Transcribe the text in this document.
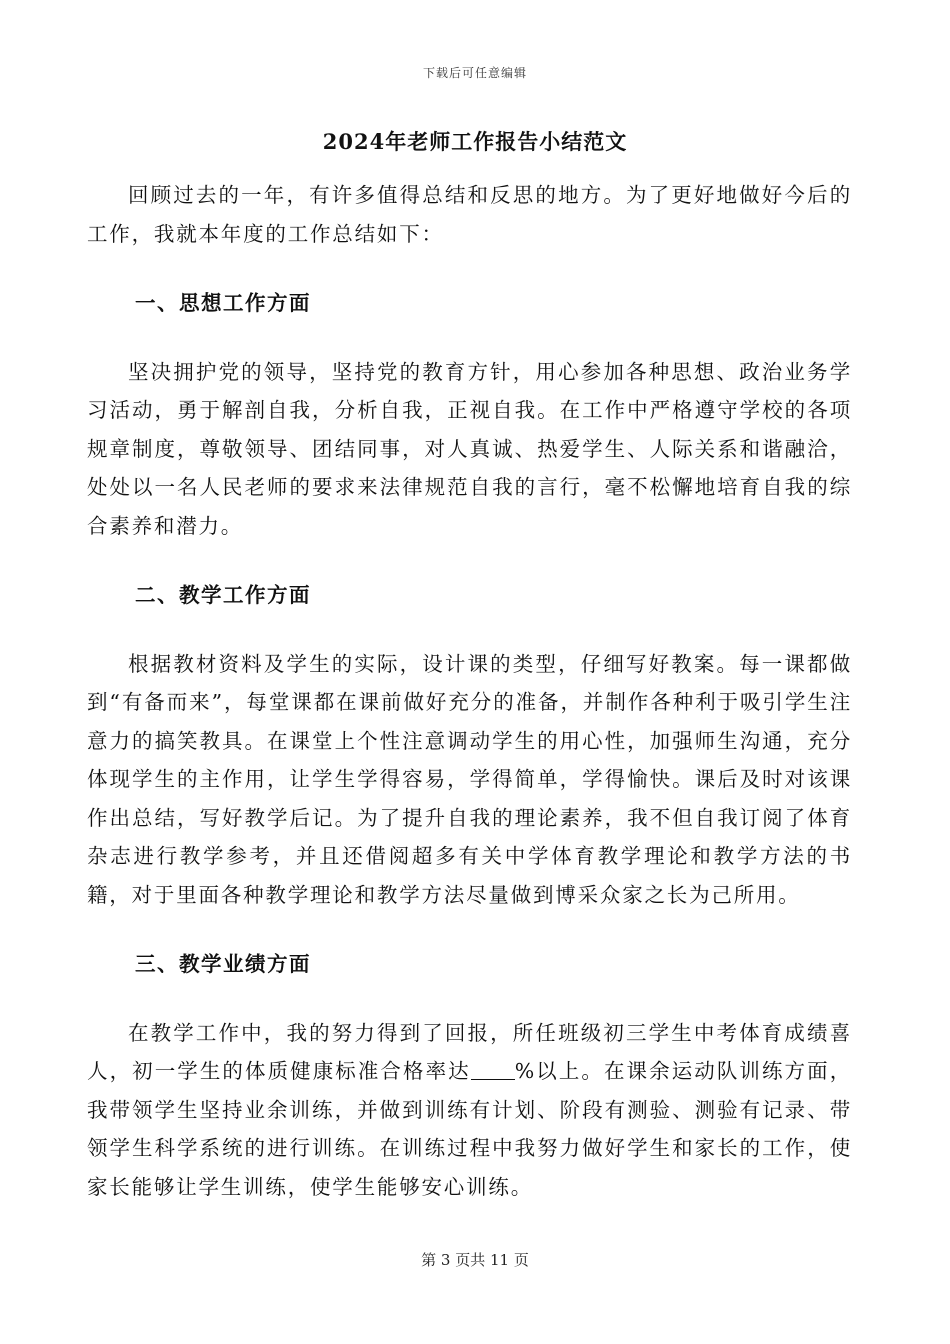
下载后可任意编辑
2024年老师工作报告小结范文

回顾过去的一年，有许多值得总结和反思的地方。为了更好地做好今后的工作，我就本年度的工作总结如下：

一、思想工作方面

坚决拥护党的领导，坚持党的教育方针，用心参加各种思想、政治业务学习活动，勇于解剖自我，分析自我，正视自我。在工作中严格遵守学校的各项规章制度，尊敬领导、团结同事，对人真诚、热爱学生、人际关系和谐融洽，处处以一名人民老师的要求来法律规范自我的言行，毫不松懈地培育自我的综合素养和潜力。

二、教学工作方面

根据教材资料及学生的实际，设计课的类型，仔细写好教案。每一课都做到“有备而来”，每堂课都在课前做好充分的准备，并制作各种利于吸引学生注意力的搞笑教具。在课堂上个性注意调动学生的用心性，加强师生沟通，充分体现学生的主作用，让学生学得容易，学得简单，学得愉快。课后及时对该课作出总结，写好教学后记。为了提升自我的理论素养，我不但自我订阅了体育杂志进行教学参考，并且还借阅超多有关中学体育教学理论和教学方法的书籍，对于里面各种教学理论和教学方法尽量做到博采众家之长为己所用。

三、教学业绩方面

在教学工作中，我的努力得到了回报，所任班级初三学生中考体育成绩喜人，初一学生的体质健康标准合格率达 %以上。在课余运动队训练方面，我带领学生坚持业余训练，并做到训练有计划、阶段有测验、测验有记录、带领学生科学系统的进行训练。在训练过程中我努力做好学生和家长的工作，使家长能够让学生训练，使学生能够安心训练。

第 3 页共 11 页
